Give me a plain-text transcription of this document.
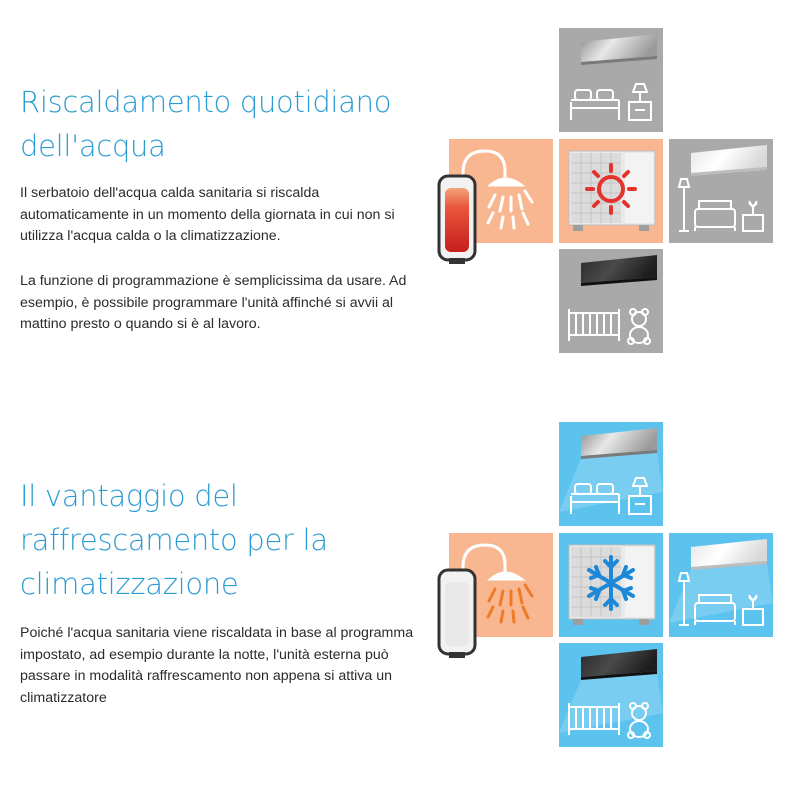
Riscaldamento quotidiano
dell'acqua

Il serbatoio dell'acqua calda sanitaria si riscalda automaticamente in un momento della giornata in cui non si utilizza l'acqua calda o la climatizzazione.

La funzione di programmazione è semplicissima da usare. Ad esempio, è possibile programmare l'unità affinché si avvii al mattino presto o quando si è al lavoro.

Il vantaggio del
raffrescamento per la
climatizzazione

Poiché l'acqua sanitaria viene riscaldata in base al programma impostato, ad esempio durante la notte, l'unità esterna può passare in modalità raffrescamento non appena si attiva un climatizzatore
